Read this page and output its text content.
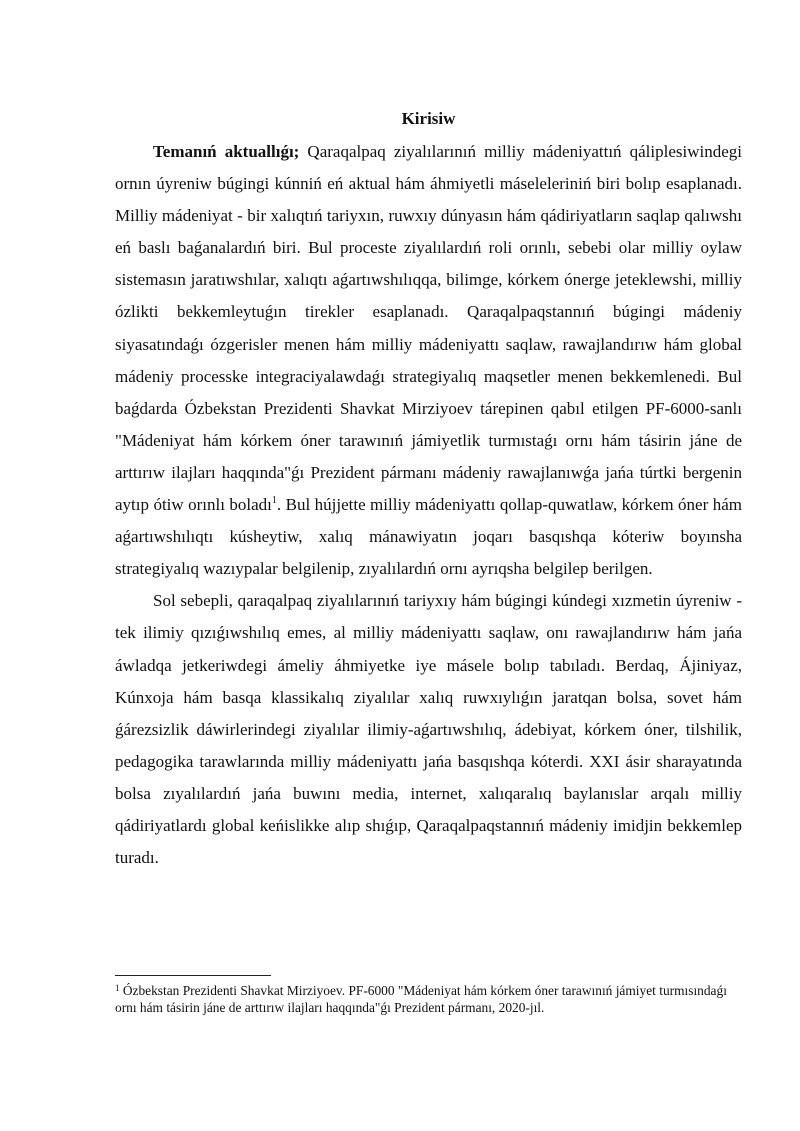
Kirisiw

Temanıń aktuallıǵı; Qaraqalpaq ziyalılarınıń milliy mádeniyattıń qáliplesiwindegi ornın úyreniw búgingi kúnniń eń aktual hám áhmiyetli máseleleriniń biri bolıp esaplanadı. Milliy mádeniyat - bir xalıqtıń tariyxın, ruwxıy dúnyasın hám qádiriyatların saqlap qalıwshı eń baslı baǵanalardıń biri. Bul proceste ziyalılardıń roli orınlı, sebebi olar milliy oylaw sistemasın jaratıwshılar, xalıqtı aǵartıwshılıqqa, bilimge, kórkem ónerge jeteklewshi, milliy ózlikti bekkemleytuǵın tirekler esaplanadı. Qaraqalpaqstannıń búgingi mádeniy siyasatındaǵı ózgerisler menen hám milliy mádeniyattı saqlaw, rawajlandırıw hám global mádeniy processke integraciyalawdaǵı strategiyalıq maqsetler menen bekkemlenedi. Bul baǵdarda Ózbekstan Prezidenti Shavkat Mirziyoev tárepinen qabıl etilgen PF-6000-sanlı "Mádeniyat hám kórkem óner tarawınıń jámiyetlik turmıstaǵı ornı hám tásirin jáne de arttırıw ilajları haqqında"ǵı Prezident pármanı mádeniy rawajlanıwǵa jańa túrtki bergenin aytıp ótiw orınlı boladı$^1$. Bul hújjette milliy mádeniyattı qollap-quwatlaw, kórkem óner hám aǵartıwshılıqtı kúsheytiw, xalıq mánawiyatın joqarı basqıshqa kóteriw boyınsha strategiyalıq wazıypalar belgilenip, zıyalılardıń ornı ayrıqsha belgilep berilgen.

Sol sebepli, qaraqalpaq ziyalılarınıń tariyxıy hám búgingi kúndegi xızmetin úyreniw - tek ilimiy qızıǵıwshılıq emes, al milliy mádeniyattı saqlaw, onı rawajlandırıw hám jańa áwladqa jetkeriwdegi ámeliy áhmiyetke iye másele bolıp tabıladı. Berdaq, Ájiniyaz, Kúnxoja hám basqa klassikalıq ziyalılar xalıq ruwxıylıǵın jaratqan bolsa, sovet hám ǵárezsizlik dáwirlerindegi ziyalılar ilimiy-aǵartıwshılıq, ádebiyat, kórkem óner, tilshilik, pedagogika tarawlarında milliy mádeniyattı jańa basqıshqa kóterdi. XXI ásir sharayatında bolsa zıyalılardıń jańa buwını media, internet, xalıqaralıq baylanıslar arqalı milliy qádiriyatlardı global keńislikke alıp shıǵıp, Qaraqalpaqstannıń mádeniy imidjin bekkemlep turadı.

$^1$ Ózbekstan Prezidenti Shavkat Mirziyoev. PF-6000 "Mádeniyat hám kórkem óner tarawınıń jámiyet turmısındaǵı ornı hám tásirin jáne de arttırıw ilajları haqqında"ǵı Prezident pármanı, 2020-jıl.
